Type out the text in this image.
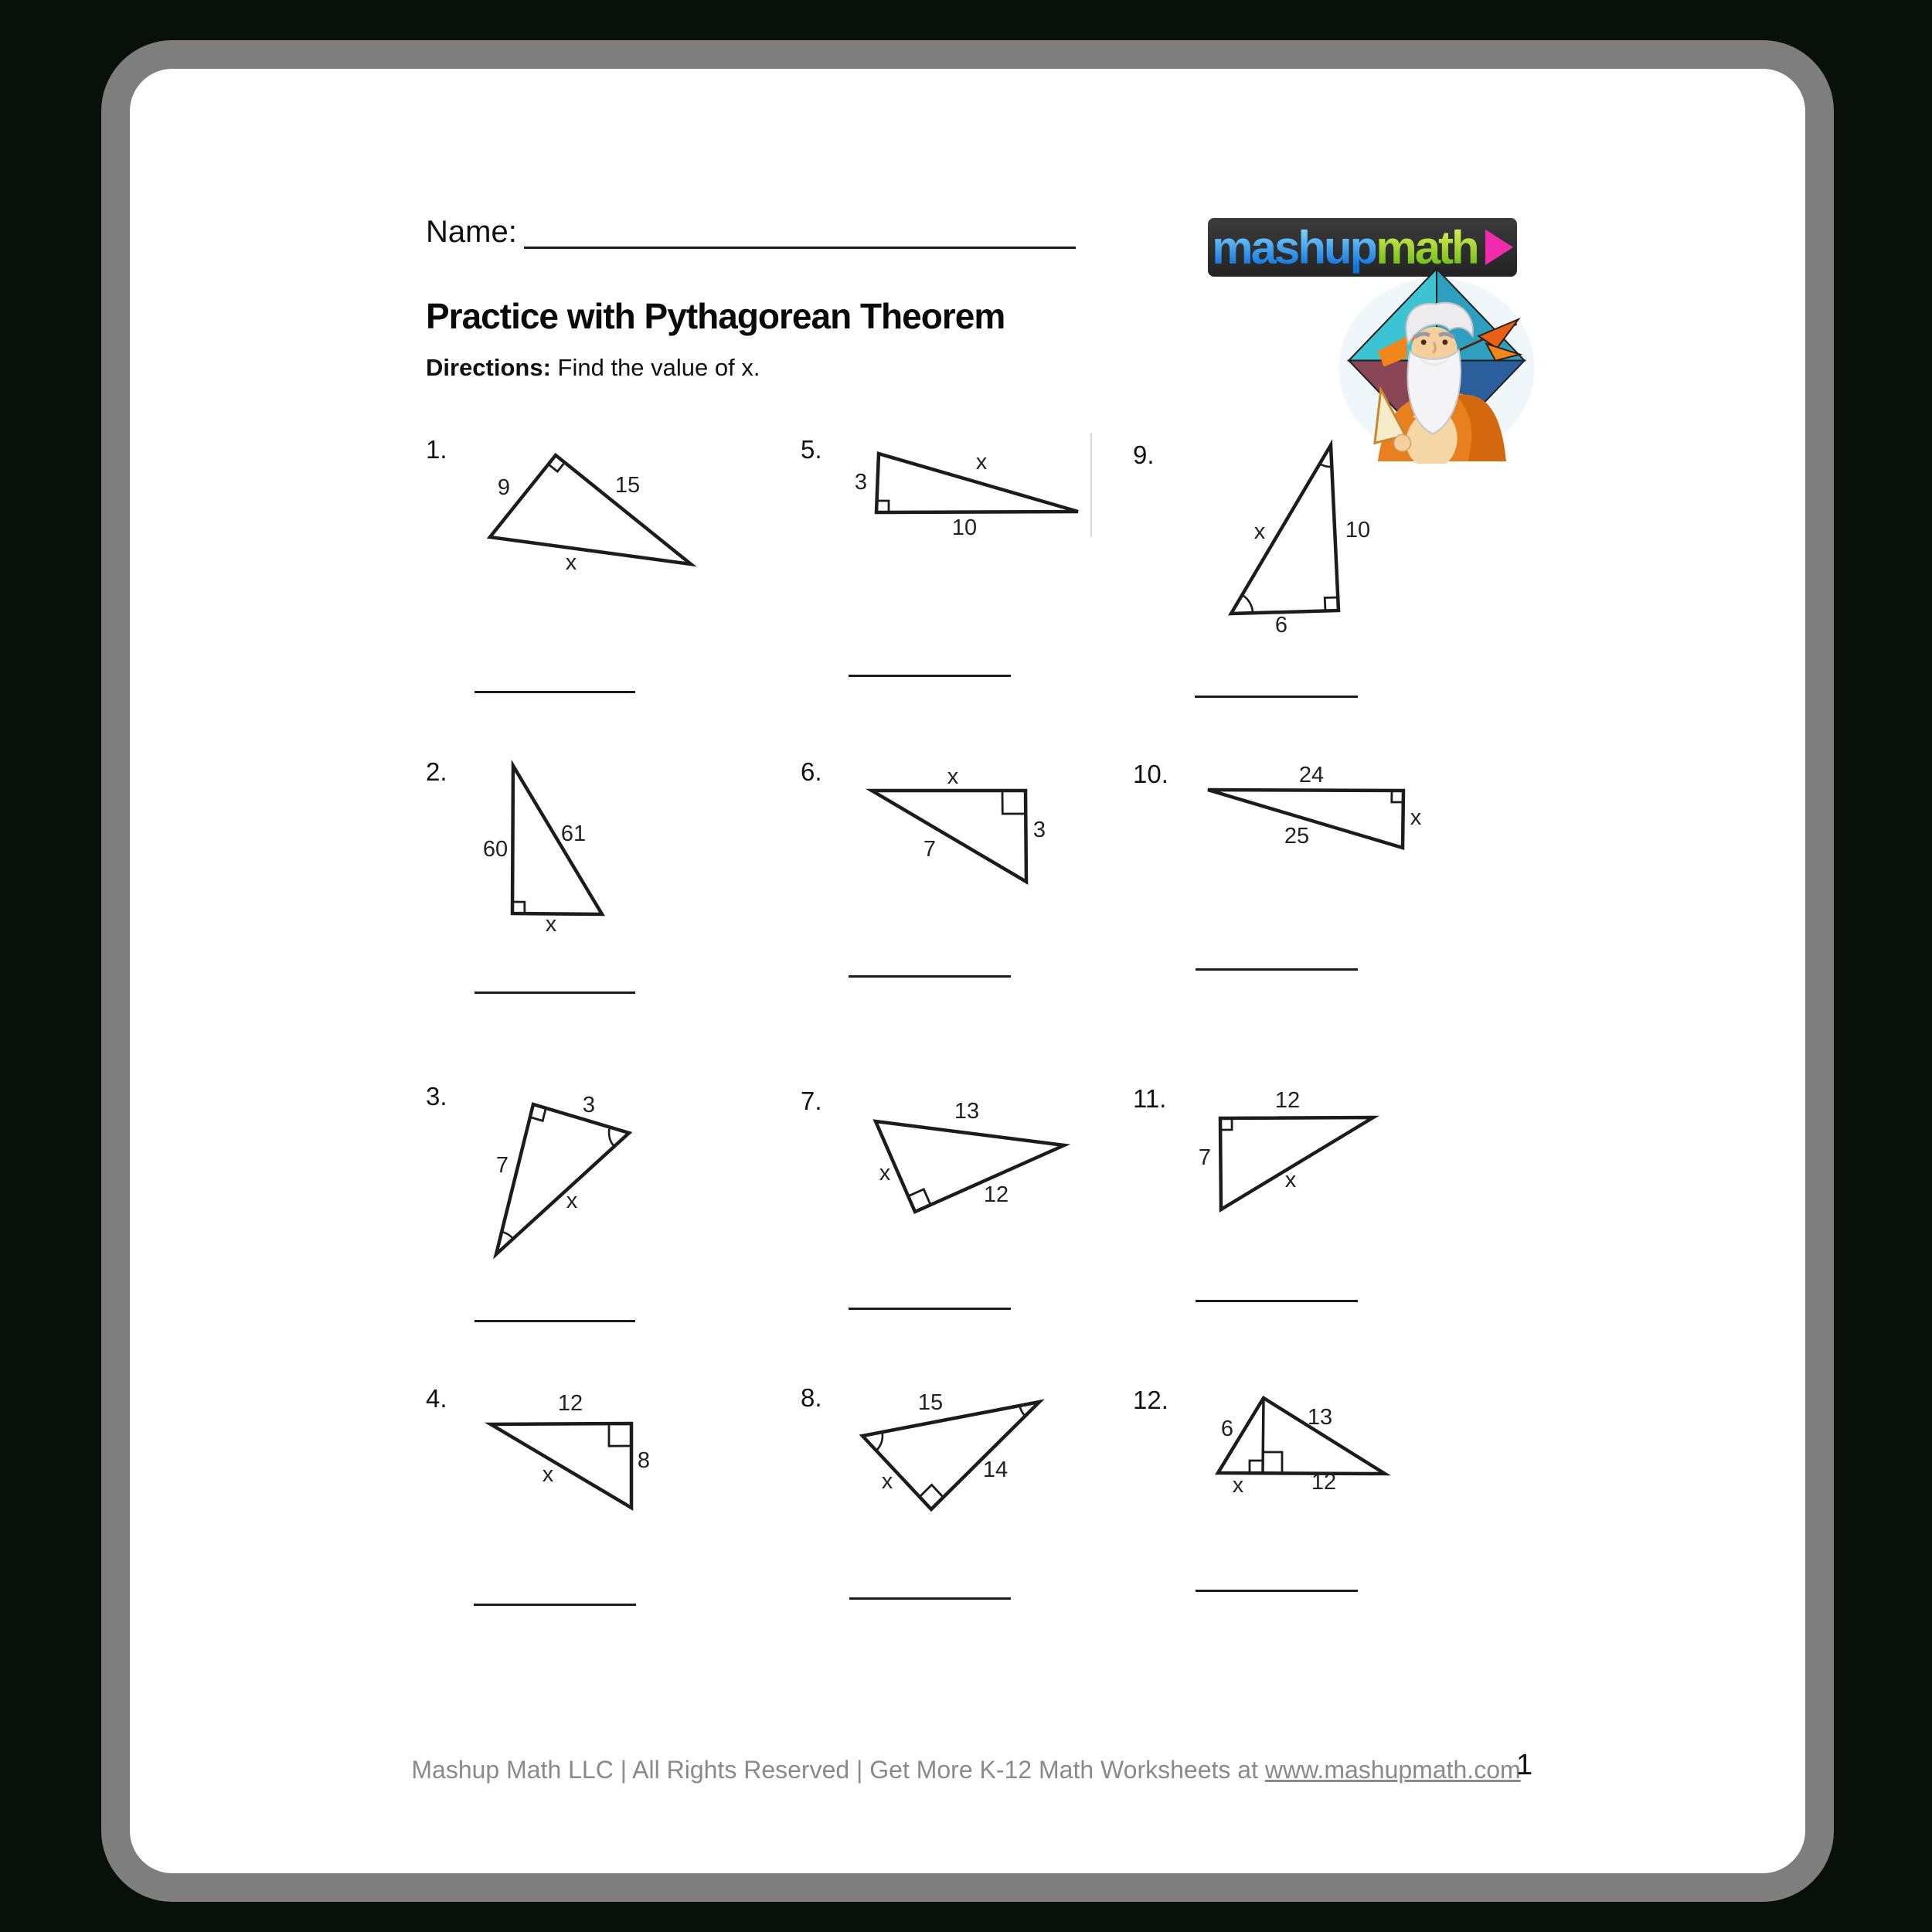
Name:
Practice with Pythagorean Theorem
Directions: Find the value of x.
mashup math
1.
9	15
x
5.
3
x
10
9.
x	10
6
2.
60
61
x
6.	x
3
7
10.	24
25
x
3.	3
7
x
7.	13
x
12
11.	12
7
x
4.	12
8
x
8.	15
x	14
12.
6	13
x	12
Mashup Math LLC | All Rights Reserved | Get More K-12 Math Worksheets at www.mashupmath.com
1
